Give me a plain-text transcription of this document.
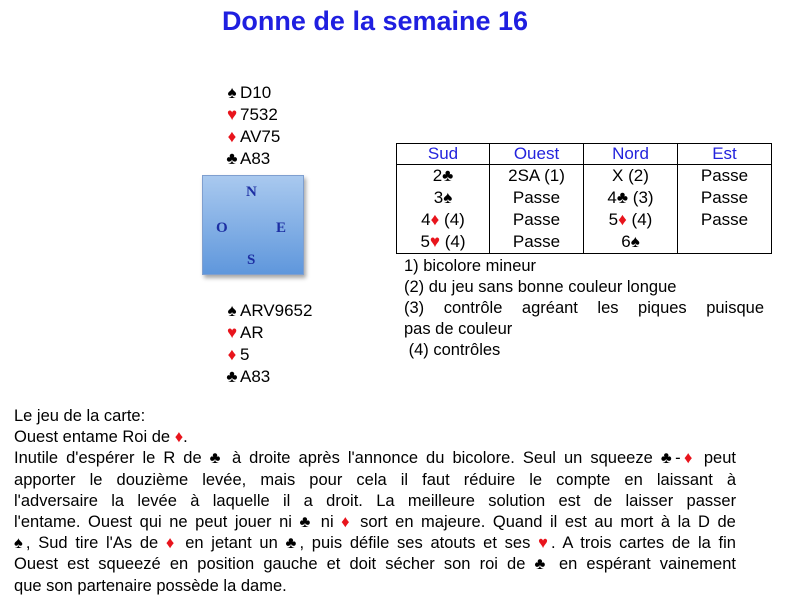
Donne de la semaine 16
♠ D10
♥ 7532
♦ AV75
♣ A83
N
O	E
S
♠ ARV9652
♥ AR
♦ 5
♣ A83
Sud	Ouest	Nord	Est
2♣	2SA (1)	X (2)	Passe
3♠	Passe	4♣ (3)	Passe
4♦ (4)	Passe	5♦ (4)	Passe
5♥ (4)	Passe	6♠	
1) bicolore mineur
(2) du jeu sans bonne couleur longue
(3) contrôle agréant les piques puisque
pas de couleur
(4) contrôles
Le jeu de la carte:
Ouest entame Roi de ♦.
Inutile d'espérer le R de ♣ à droite après l'annonce du bicolore. Seul un squeeze ♣-♦ peut
apporter le douzième levée, mais pour cela il faut réduire le compte en laissant à
l'adversaire la levée à laquelle il a droit. La meilleure solution est de laisser passer
l'entame. Ouest qui ne peut jouer ni ♣ ni ♦ sort en majeure. Quand il est au mort à la D de
♠, Sud tire l'As de ♦ en jetant un ♣, puis défile ses atouts et ses ♥. A trois cartes de la fin
Ouest est squeezé en position gauche et doit sécher son roi de ♣ en espérant vainement
que son partenaire possède la dame.
